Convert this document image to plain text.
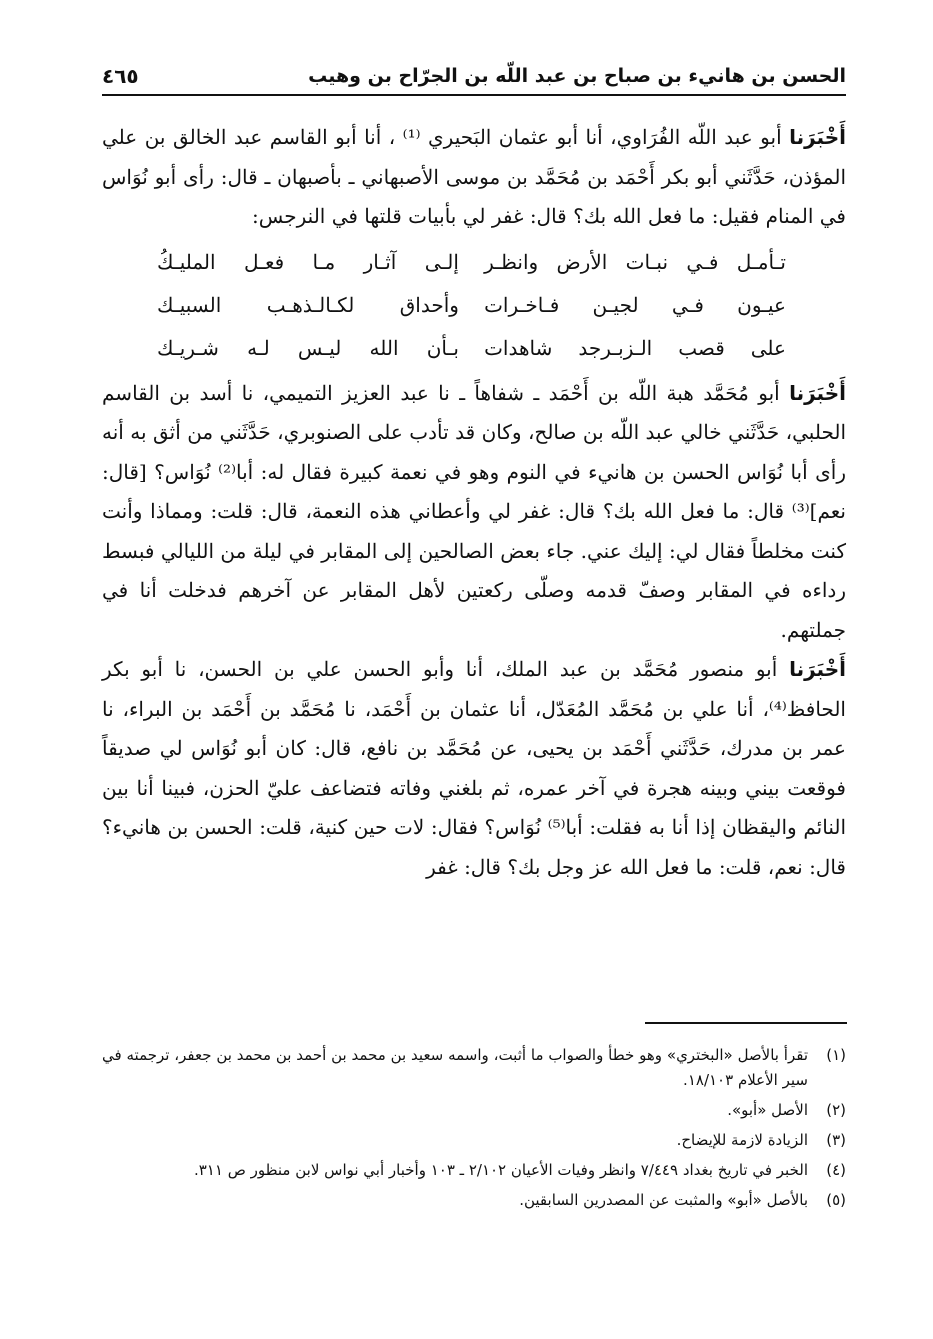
الحسن بن هانيء بن صباح بن عبد اللّه بن الجرّاح بن وهيب
٤٦٥

أَخْبَرَنا أبو عبد اللّه الفُرَاوي، أنا أبو عثمان البَحيري ⁽¹⁾ ، أنا أبو القاسم عبد الخالق بن علي المؤذن، حَدَّثَني أبو بكر أَحْمَد بن مُحَمَّد بن موسى الأصبهاني ـ بأصبهان ـ قال: رأى أبو نُوَاس في المنام فقيل: ما فعل الله بك؟ قال: غفر لي بأبيات قلتها في النرجس:

تـأمـل فـي نبـات الأرض وانظـر
إلـى آثـار مـا فعـل المليـكُ
عيـون فـي لجيـن فـاخـرات
وأحداق لكـالـذهـب السبيـك
على قصب الـزبـرجد شاهدات
بـأن الله ليـس لـه شـريـك

أَخْبَرَنا أبو مُحَمَّد هبة اللّه بن أَحْمَد ـ شفاهاً ـ نا عبد العزيز التميمي، نا أسد بن القاسم الحلبي، حَدَّثَني خالي عبد اللّه بن صالح، وكان قد تأدب على الصنوبري، حَدَّثَني من أثق به أنه رأى أبا نُوَاس الحسن بن هانيء في النوم وهو في نعمة كبيرة فقال له: أبا⁽²⁾ نُوَاس؟ [قال: نعم]⁽³⁾ قال: ما فعل الله بك؟ قال: غفر لي وأعطاني هذه النعمة، قال: قلت: ومماذا وأنت كنت مخلطاً فقال لي: إليك عني. جاء بعض الصالحين إلى المقابر في ليلة من الليالي فبسط رداءه في المقابر وصفّ قدمه وصلّى ركعتين لأهل المقابر عن آخرهم فدخلت أنا في جملتهم.

أَخْبَرَنا أبو منصور مُحَمَّد بن عبد الملك، أنا وأبو الحسن علي بن الحسن، نا أبو بكر الحافظ⁽⁴⁾، أنا علي بن مُحَمَّد المُعَدّل، أنا عثمان بن أَحْمَد، نا مُحَمَّد بن أَحْمَد بن البراء، نا عمر بن مدرك، حَدَّثَني أَحْمَد بن يحيى، عن مُحَمَّد بن نافع، قال: كان أبو نُوَاس لي صديقاً فوقعت بيني وبينه هجرة في آخر عمره، ثم بلغني وفاته فتضاعف عليّ الحزن، فبينا أنا بين النائم واليقظان إذا أنا به فقلت: أبا⁽⁵⁾ نُوَاس؟ فقال: لات حين كنية، قلت: الحسن بن هانيء؟ قال: نعم، قلت: ما فعل الله عز وجل بك؟ قال: غفر

(١)
تقرأ بالأصل «البختري» وهو خطأ والصواب ما أثبت، واسمه سعيد بن محمد بن أحمد بن محمد بن جعفر، ترجمته في سير الأعلام ١٨/١٠٣.
(٢)
الأصل «أبو».
(٣)
الزيادة لازمة للإيضاح.
(٤)
الخبر في تاريخ بغداد ٧/٤٤٩ وانظر وفيات الأعيان ٢/١٠٢ ـ ١٠٣ وأخبار أبي نواس لابن منظور ص ٣١١.
(٥)
بالأصل «أبو» والمثبت عن المصدرين السابقين.
